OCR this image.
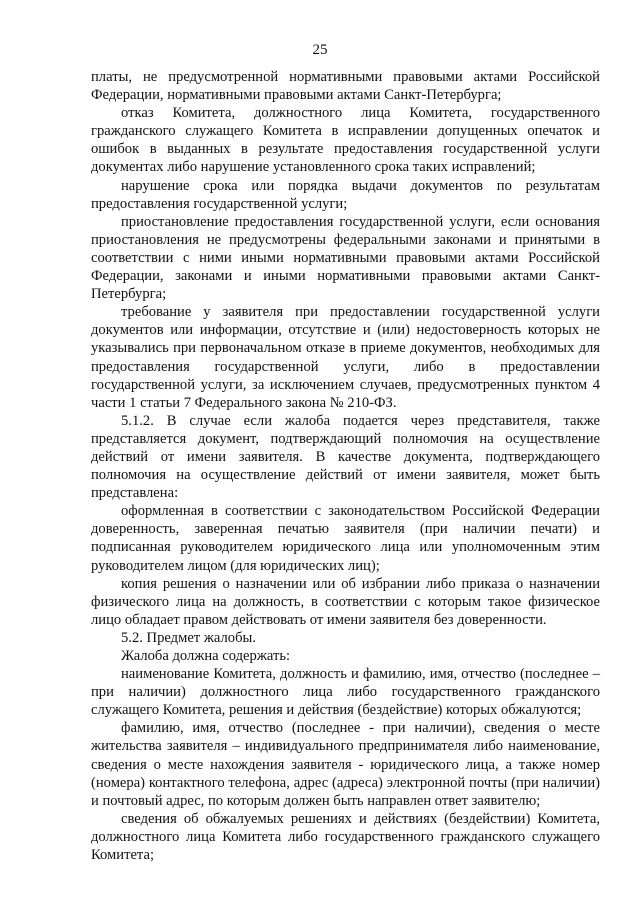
25

платы, не предусмотренной нормативными правовыми актами Российской Федерации, нормативными правовыми актами Санкт-Петербурга;

отказ Комитета, должностного лица Комитета, государственного гражданского служащего Комитета в исправлении допущенных опечаток и ошибок в выданных в результате предоставления государственной услуги документах либо нарушение установленного срока таких исправлений;

нарушение срока или порядка выдачи документов по результатам предоставления государственной услуги;

приостановление предоставления государственной услуги, если основания приостановления не предусмотрены федеральными законами и принятыми в соответствии с ними иными нормативными правовыми актами Российской Федерации, законами и иными нормативными правовыми актами Санкт-Петербурга;

требование у заявителя при предоставлении государственной услуги документов или информации, отсутствие и (или) недостоверность которых не указывались при первоначальном отказе в приеме документов, необходимых для предоставления государственной услуги, либо в предоставлении государственной услуги, за исключением случаев, предусмотренных пунктом 4 части 1 статьи 7 Федерального закона № 210-ФЗ.

5.1.2. В случае если жалоба подается через представителя, также представляется документ, подтверждающий полномочия на осуществление действий от имени заявителя. В качестве документа, подтверждающего полномочия на осуществление действий от имени заявителя, может быть представлена:

оформленная в соответствии с законодательством Российской Федерации доверенность, заверенная печатью заявителя (при наличии печати) и подписанная руководителем юридического лица или уполномоченным этим руководителем лицом (для юридических лиц);

копия решения о назначении или об избрании либо приказа о назначении физического лица на должность, в соответствии с которым такое физическое лицо обладает правом действовать от имени заявителя без доверенности.

5.2. Предмет жалобы.

Жалоба должна содержать:

наименование Комитета, должность и фамилию, имя, отчество (последнее – при наличии) должностного лица либо государственного гражданского служащего Комитета, решения и действия (бездействие) которых обжалуются;

фамилию, имя, отчество (последнее - при наличии), сведения о месте жительства заявителя – индивидуального предпринимателя либо наименование, сведения о месте нахождения заявителя - юридического лица, а также номер (номера) контактного телефона, адрес (адреса) электронной почты (при наличии) и почтовый адрес, по которым должен быть направлен ответ заявителю;

сведения об обжалуемых решениях и действиях (бездействии) Комитета, должностного лица Комитета либо государственного гражданского служащего Комитета;
